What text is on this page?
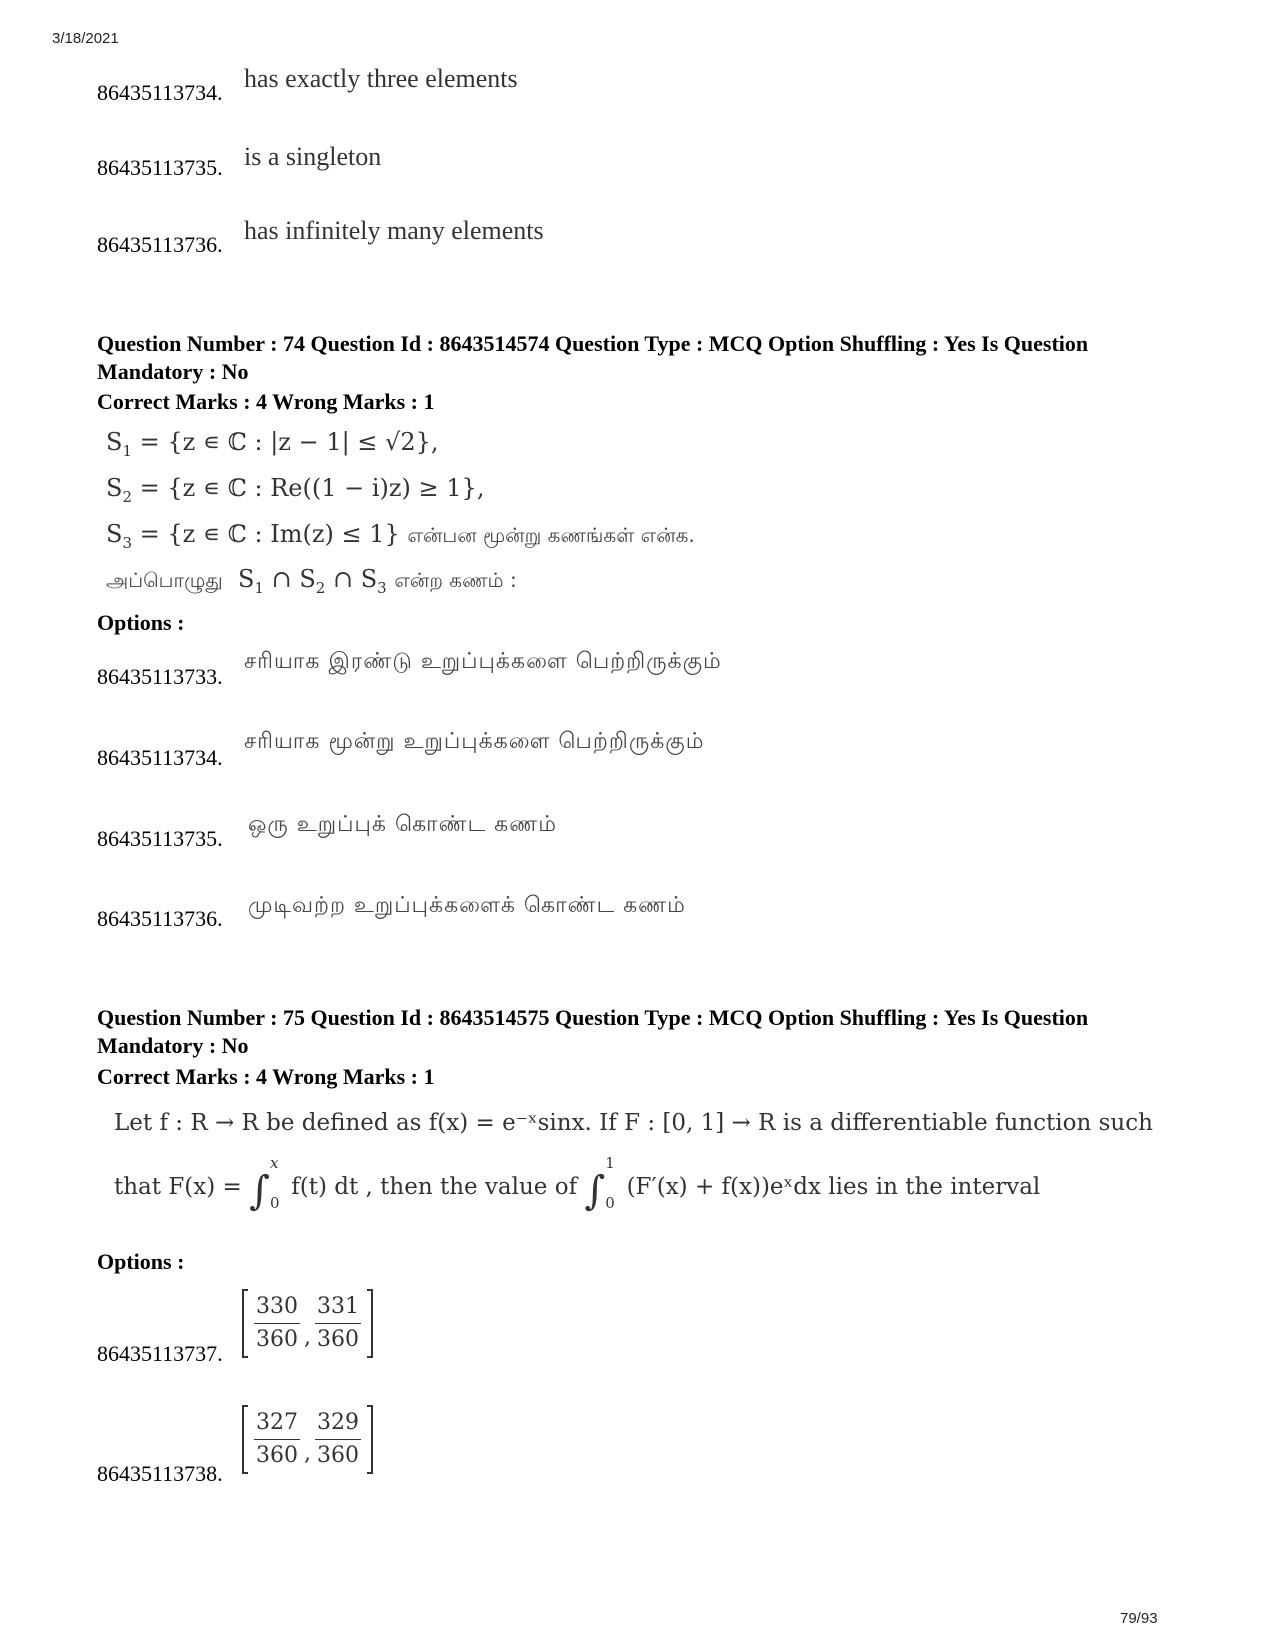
3/18/2021
86435113734. has exactly three elements
86435113735. is a singleton
86435113736. has infinitely many elements
Question Number : 74 Question Id : 8643514574 Question Type : MCQ Option Shuffling : Yes Is Question Mandatory : No
Correct Marks : 4 Wrong Marks : 1
$S_1 = \{z$ ∊ ℂ : |z − 1| ≤ √2},
$S_2 = \{z$ ∊ ℂ : Re((1 − i)z) ≥ 1},
$S_3 = \{z$ ∊ ℂ : Im(z) ≤ 1} என்பன மூன்று கணங்கள் என்க.
அப்பொழுது  $S_1$ ∩ $S_2$ ∩ $S_3$ என்ற கணம் :
Options :
86435113733.
சரியாக இரண்டு உறுப்புக்களை பெற்றிருக்கும்
86435113734.
சரியாக மூன்று உறுப்புக்களை பெற்றிருக்கும்
86435113735.
ஒரு உறுப்புக் கொண்ட கணம்
86435113736.
முடிவற்ற உறுப்புக்களைக் கொண்ட கணம்
Question Number : 75 Question Id : 8643514575 Question Type : MCQ Option Shuffling : Yes Is Question Mandatory : No
Correct Marks : 4 Wrong Marks : 1
Let f : R → R be defined as f(x) = e⁻ˣsinx. If F : [0, 1] → R is a differentiable function such
that F(x) = ∫
x
0
f(t) dt , then the value of ∫
1
0
(F′(x) + f(x))eˣdx lies in the interval
Options :
86435113737. $\frac{330}{360}$ , $\frac{331}{360}$
86435113738.
$\frac{327}{360}$ , $\frac{329}{360}$
79/93
